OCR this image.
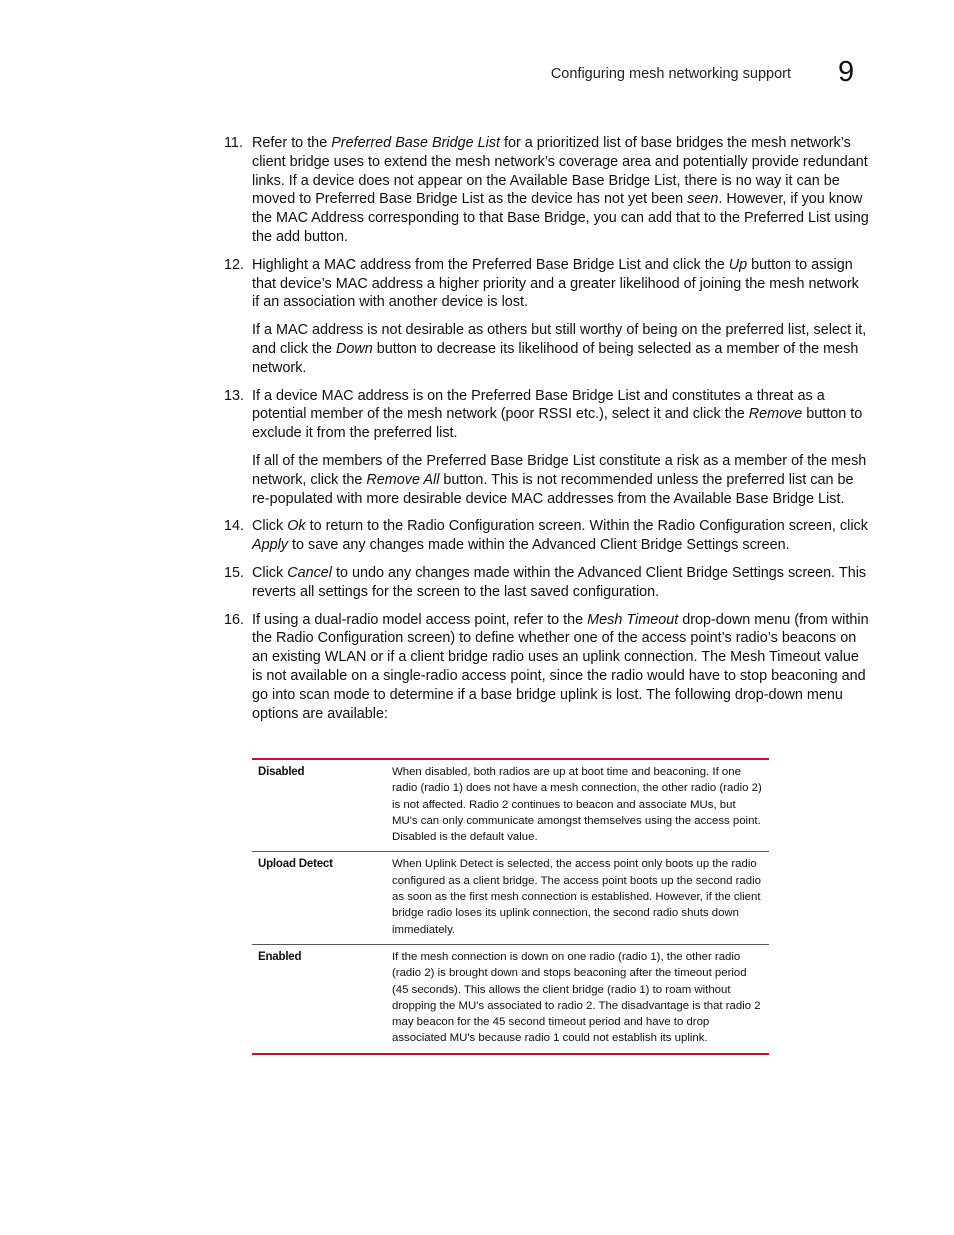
Configuring mesh networking support 9
11. Refer to the Preferred Base Bridge List for a prioritized list of base bridges the mesh network’s client bridge uses to extend the mesh network’s coverage area and potentially provide redundant links. If a device does not appear on the Available Base Bridge List, there is no way it can be moved to Preferred Base Bridge List as the device has not yet been seen. However, if you know the MAC Address corresponding to that Base Bridge, you can add that to the Preferred List using the add button.

12. Highlight a MAC address from the Preferred Base Bridge List and click the Up button to assign that device’s MAC address a higher priority and a greater likelihood of joining the mesh network if an association with another device is lost.

If a MAC address is not desirable as others but still worthy of being on the preferred list, select it, and click the Down button to decrease its likelihood of being selected as a member of the mesh network.

13. If a device MAC address is on the Preferred Base Bridge List and constitutes a threat as a potential member of the mesh network (poor RSSI etc.), select it and click the Remove button to exclude it from the preferred list.

If all of the members of the Preferred Base Bridge List constitute a risk as a member of the mesh network, click the Remove All button. This is not recommended unless the preferred list can be re-populated with more desirable device MAC addresses from the Available Base Bridge List.

14. Click Ok to return to the Radio Configuration screen. Within the Radio Configuration screen, click Apply to save any changes made within the Advanced Client Bridge Settings screen.

15. Click Cancel to undo any changes made within the Advanced Client Bridge Settings screen. This reverts all settings for the screen to the last saved configuration.

16. If using a dual-radio model access point, refer to the Mesh Timeout drop-down menu (from within the Radio Configuration screen) to define whether one of the access point’s radio’s beacons on an existing WLAN or if a client bridge radio uses an uplink connection. The Mesh Timeout value is not available on a single-radio access point, since the radio would have to stop beaconing and go into scan mode to determine if a base bridge uplink is lost. The following drop-down menu options are available:

Disabled	When disabled, both radios are up at boot time and beaconing. If one radio (radio 1) does not have a mesh connection, the other radio (radio 2) is not affected. Radio 2 continues to beacon and associate MUs, but MU's can only communicate amongst themselves using the access point. Disabled is the default value.
Upload Detect	When Uplink Detect is selected, the access point only boots up the radio configured as a client bridge. The access point boots up the second radio as soon as the first mesh connection is established. However, if the client bridge radio loses its uplink connection, the second radio shuts down immediately.
Enabled	If the mesh connection is down on one radio (radio 1), the other radio (radio 2) is brought down and stops beaconing after the timeout period (45 seconds). This allows the client bridge (radio 1) to roam without dropping the MU's associated to radio 2. The disadvantage is that radio 2 may beacon for the 45 second timeout period and have to drop associated MU's because radio 1 could not establish its uplink.
